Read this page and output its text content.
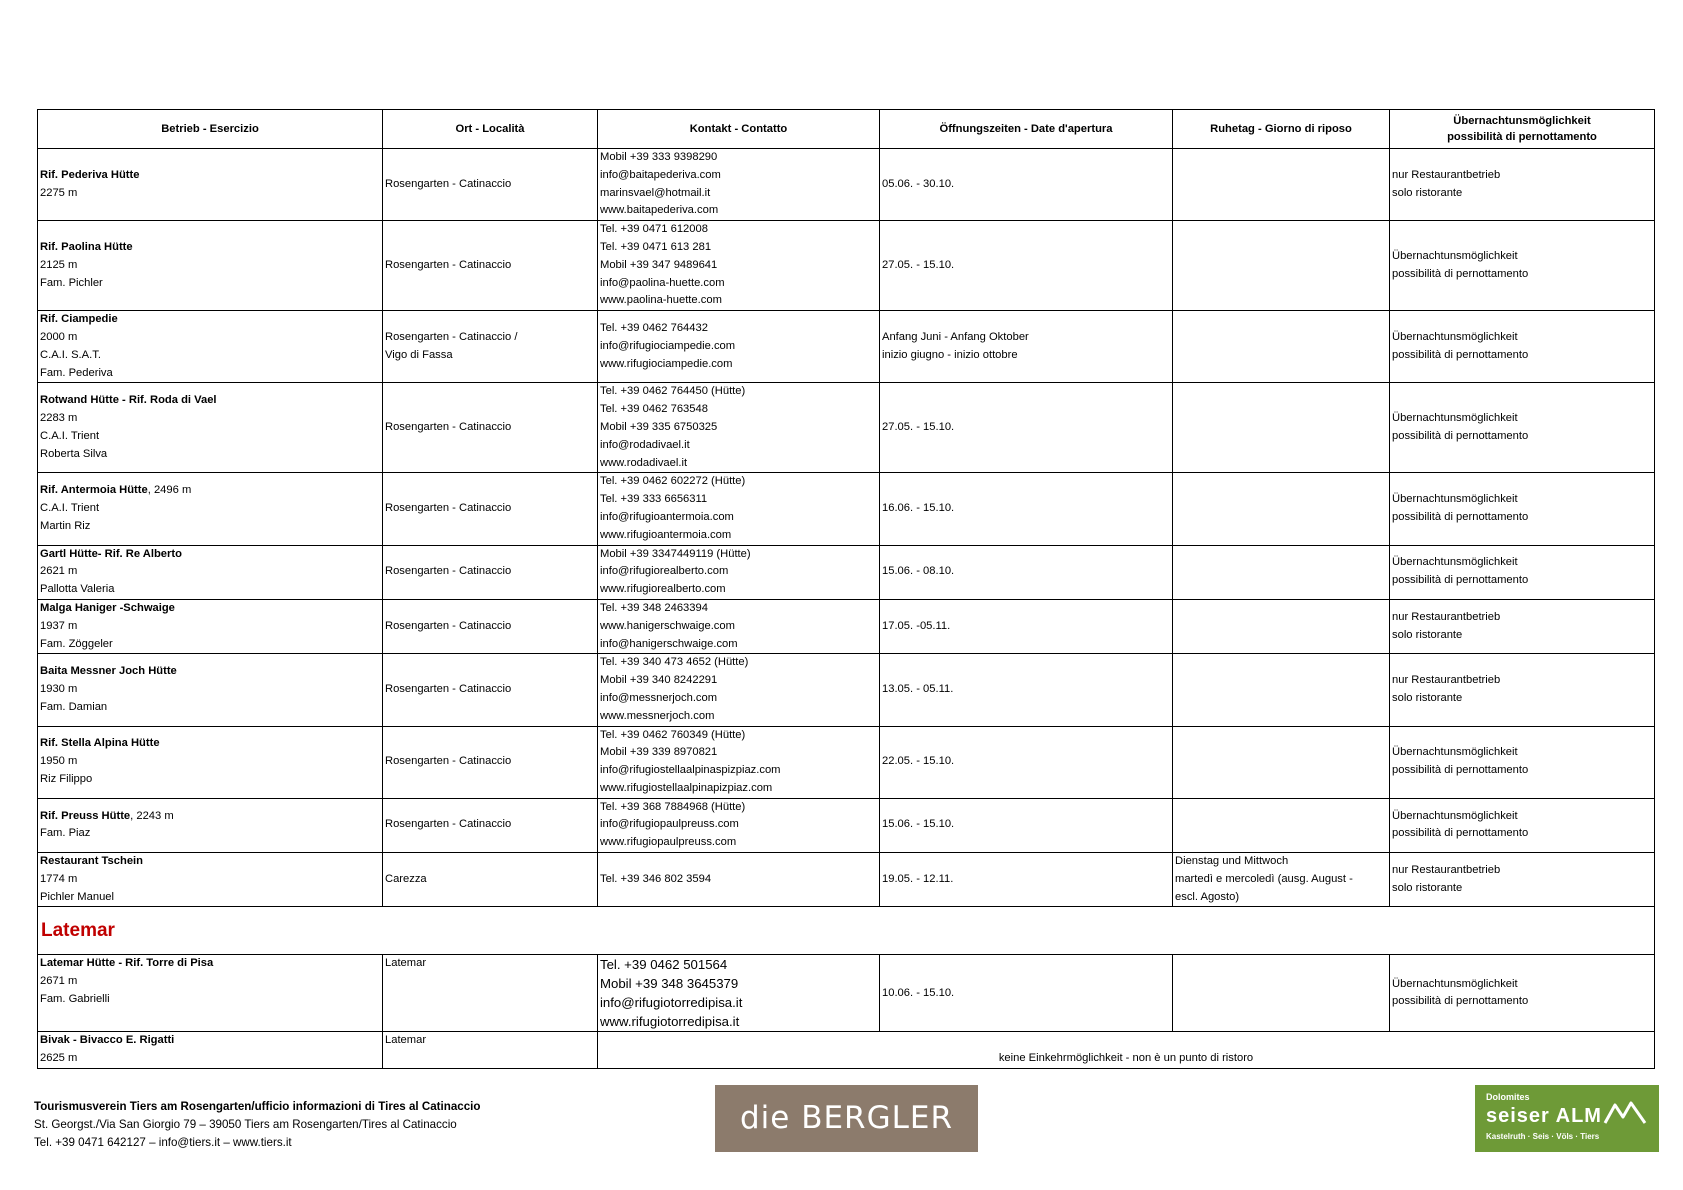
Betrieb - Esercizio	Ort - Località	Kontakt - Contatto	Öffnungszeiten - Date d'apertura	Ruhetag - Giorno di riposo	Übernachtunsmöglichkeit
possibilità di pernottamento

Rif. Pederiva Hütte
2275 m	Rosengarten - Catinaccio	Mobil +39 333 9398290
info@baitapederiva.com
marinsvael@hotmail.it
www.baitapederiva.com	05.06. - 30.10.		nur Restaurantbetrieb
solo ristorante

Rif. Paolina Hütte
2125 m
Fam. Pichler	Rosengarten - Catinaccio	Tel. +39 0471 612008
Tel. +39 0471 613 281
Mobil +39 347 9489641
info@paolina-huette.com
www.paolina-huette.com	27.05. - 15.10.		Übernachtunsmöglichkeit
possibilità di pernottamento

Rif. Ciampedie
2000 m
C.A.I. S.A.T.
Fam. Pederiva	Rosengarten - Catinaccio /
Vigo di Fassa	Tel. +39 0462 764432
info@rifugiociampedie.com
www.rifugiociampedie.com	Anfang Juni - Anfang Oktober
inizio giugno - inizio ottobre		Übernachtunsmöglichkeit
possibilità di pernottamento

Rotwand Hütte - Rif. Roda di Vael
2283 m
C.A.I. Trient
Roberta Silva	Rosengarten - Catinaccio	Tel. +39 0462 764450 (Hütte)
Tel. +39 0462 763548
Mobil +39 335 6750325
info@rodadivael.it
www.rodadivael.it	27.05. - 15.10.		Übernachtunsmöglichkeit
possibilità di pernottamento

Rif. Antermoia Hütte, 2496 m
C.A.I. Trient
Martin Riz	Rosengarten - Catinaccio	Tel. +39 0462 602272 (Hütte)
Tel. +39 333 6656311
info@rifugioantermoia.com
www.rifugioantermoia.com	16.06. - 15.10.		Übernachtunsmöglichkeit
possibilità di pernottamento

Gartl Hütte- Rif. Re Alberto
2621 m
Pallotta Valeria	Rosengarten - Catinaccio	Mobil +39 3347449119 (Hütte)
info@rifugiorealberto.com
www.rifugiorealberto.com	15.06. - 08.10.		Übernachtunsmöglichkeit
possibilità di pernottamento

Malga Haniger -Schwaige
1937 m
Fam. Zöggeler	Rosengarten - Catinaccio	Tel. +39 348 2463394
www.hanigerschwaige.com
info@hanigerschwaige.com	17.05. -05.11.		nur Restaurantbetrieb
solo ristorante

Baita Messner Joch Hütte
1930 m
Fam. Damian	Rosengarten - Catinaccio	Tel. +39 340 473 4652 (Hütte)
Mobil +39 340 8242291
info@messnerjoch.com
www.messnerjoch.com	13.05. - 05.11.		nur Restaurantbetrieb
solo ristorante

Rif. Stella Alpina Hütte
1950 m
Riz Filippo	Rosengarten - Catinaccio	Tel. +39 0462 760349 (Hütte)
Mobil +39 339 8970821
info@rifugiostellaalpinaspizpiaz.com
www.rifugiostellaalpinapizpiaz.com	22.05. - 15.10.		Übernachtunsmöglichkeit
possibilità di pernottamento

Rif. Preuss Hütte, 2243 m
Fam. Piaz	Rosengarten - Catinaccio	Tel. +39 368 7884968 (Hütte)
info@rifugiopaulpreuss.com
www.rifugiopaulpreuss.com	15.06. - 15.10.		Übernachtunsmöglichkeit
possibilità di pernottamento

Restaurant Tschein
1774 m
Pichler Manuel	Carezza	Tel. +39 346 802 3594	19.05. - 12.11.	Dienstag und Mittwoch
martedì e mercoledì (ausg. August -
escl. Agosto)	nur Restaurantbetrieb
solo ristorante

Latemar					

Latemar Hütte - Rif. Torre di Pisa
2671 m
Fam. Gabrielli	Latemar	Tel. +39 0462 501564
Mobil +39 348 3645379
info@rifugiotorredipisa.it
www.rifugiotorredipisa.it	10.06. - 15.10.		Übernachtunsmöglichkeit
possibilità di pernottamento

Bivak - Bivacco E. Rigatti
2625 m	Latemar	keine Einkehrmöglichkeit - non è un punto di ristoro			
Tourismusverein Tiers am Rosengarten/ufficio informazioni di Tires al Catinaccio
St. Georgst./Via San Giorgio 79 – 39050 Tiers am Rosengarten/Tires al Catinaccio
Tel. +39 0471 642127 – info@tiers.it – www.tiers.it
die BERGLER
Dolomites
seiser ALM
Kastelruth · Seis · Völs · Tiers
